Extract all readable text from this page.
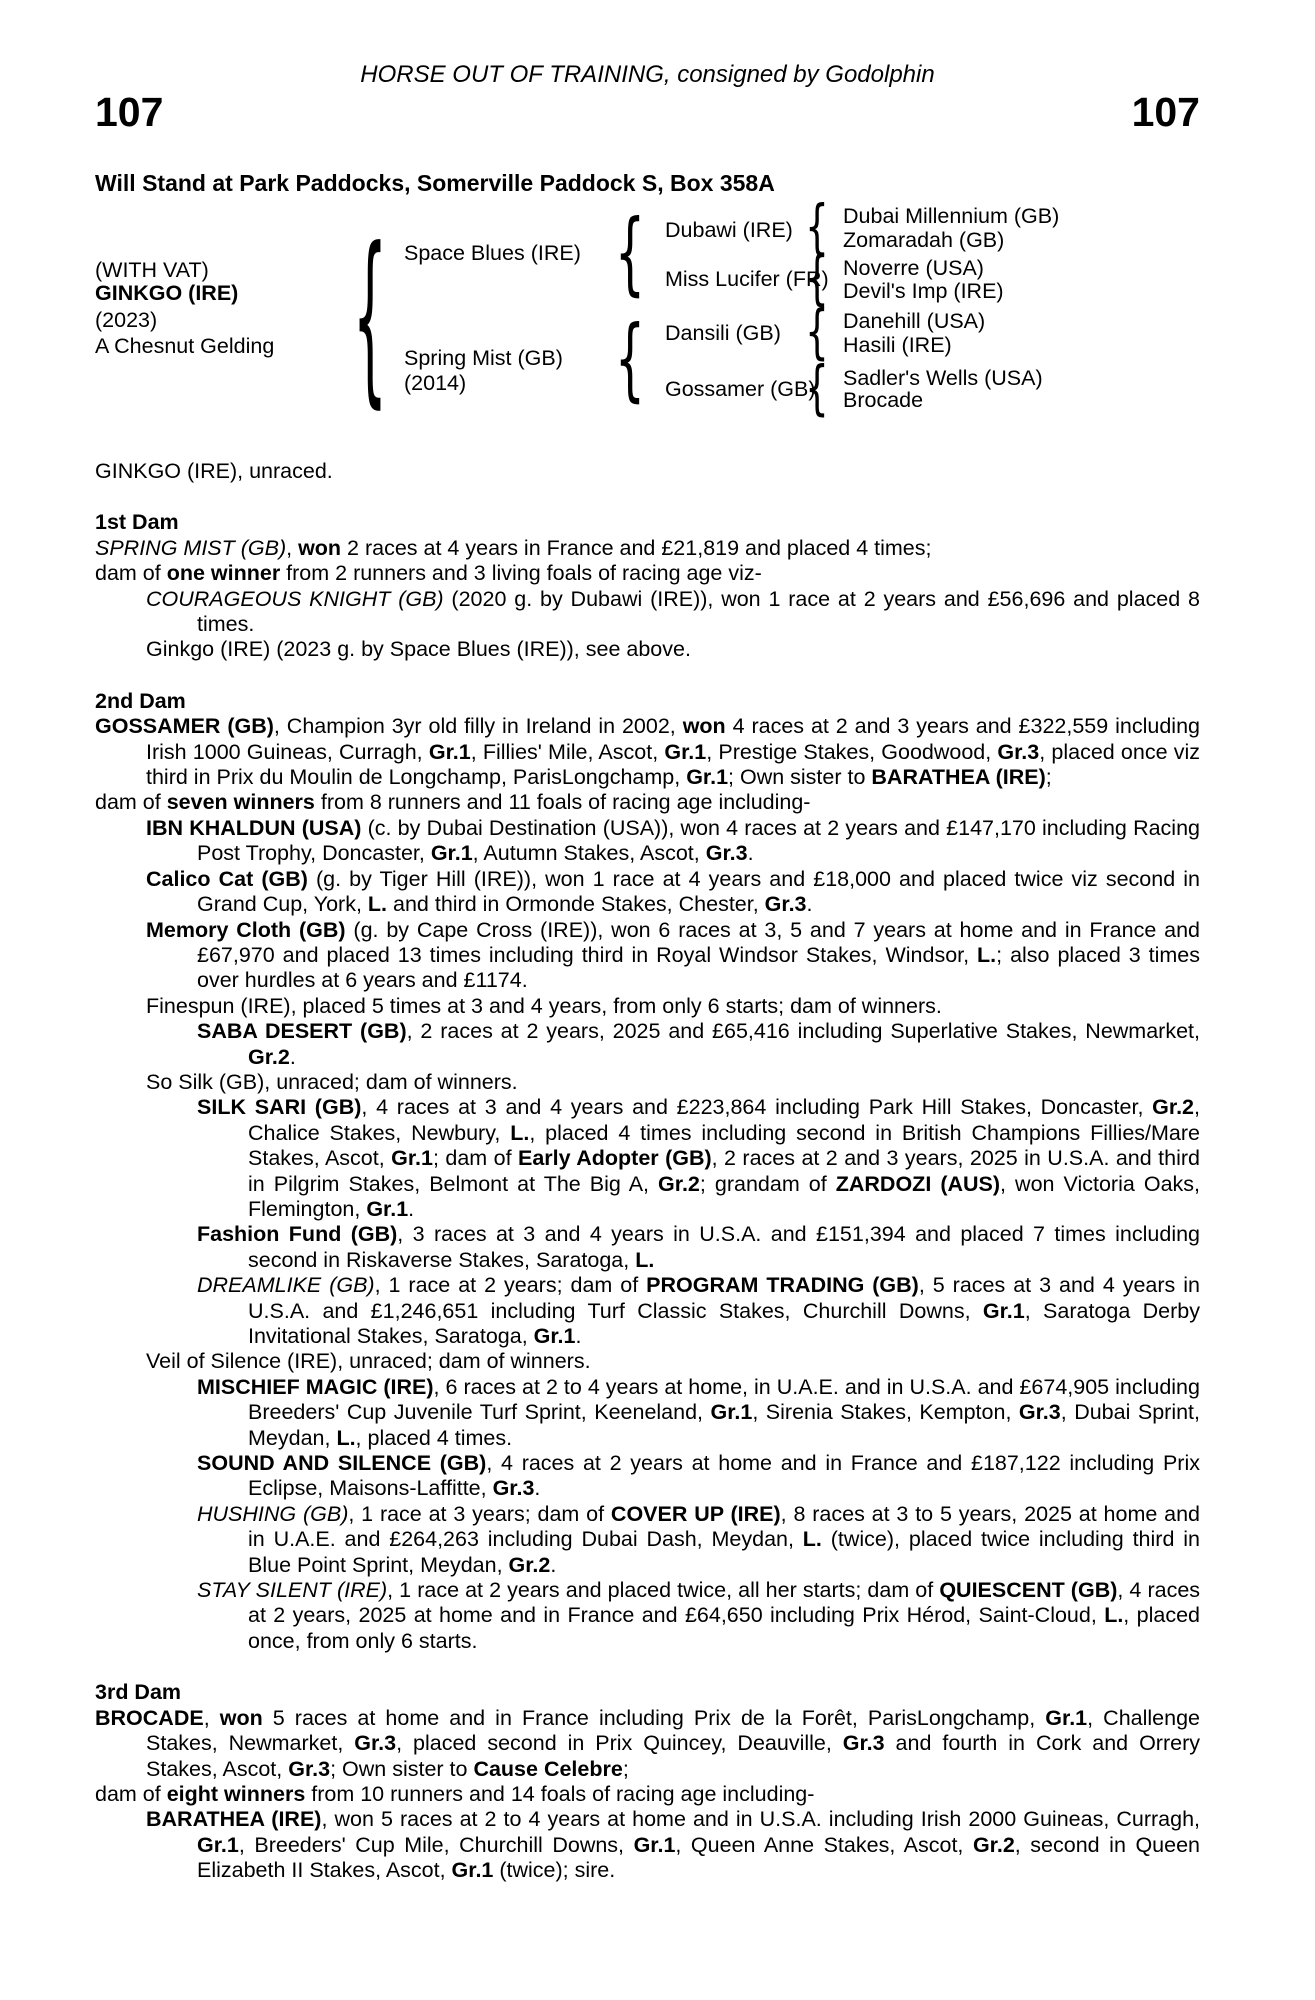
HORSE OUT OF TRAINING, consigned by Godolphin
107	107
Will Stand at Park Paddocks, Somerville Paddock S, Box 358A
(WITH VAT)
GINKGO (IRE)
(2023)
A Chesnut Gelding
{
Space Blues (IRE)
Spring Mist (GB)
(2014)
{
{
Dubawi (IRE)
Miss Lucifer (FR)
Dansili (GB)
Gossamer (GB)
{
{
{
{
Dubai Millennium (GB)
Zomaradah (GB)
Noverre (USA)
Devil's Imp (IRE)
Danehill (USA)
Hasili (IRE)
Sadler's Wells (USA)
Brocade

GINKGO (IRE), unraced.

1st Dam

SPRING MIST (GB), won 2 races at 4 years in France and £21,819 and placed 4 times;

dam of one winner from 2 runners and 3 living foals of racing age viz-

COURAGEOUS KNIGHT (GB) (2020 g. by Dubawi (IRE)), won 1 race at 2 years and £56,696 and placed 8 times.

Ginkgo (IRE) (2023 g. by Space Blues (IRE)), see above.

2nd Dam

GOSSAMER (GB), Champion 3yr old filly in Ireland in 2002, won 4 races at 2 and 3 years and £322,559 including Irish 1000 Guineas, Curragh, Gr.1, Fillies' Mile, Ascot, Gr.1, Prestige Stakes, Goodwood, Gr.3, placed once viz third in Prix du Moulin de Longchamp, ParisLongchamp, Gr.1; Own sister to BARATHEA (IRE);

dam of seven winners from 8 runners and 11 foals of racing age including-

IBN KHALDUN (USA) (c. by Dubai Destination (USA)), won 4 races at 2 years and £147,170 including Racing Post Trophy, Doncaster, Gr.1, Autumn Stakes, Ascot, Gr.3.

Calico Cat (GB) (g. by Tiger Hill (IRE)), won 1 race at 4 years and £18,000 and placed twice viz second in Grand Cup, York, L. and third in Ormonde Stakes, Chester, Gr.3.

Memory Cloth (GB) (g. by Cape Cross (IRE)), won 6 races at 3, 5 and 7 years at home and in France and £67,970 and placed 13 times including third in Royal Windsor Stakes, Windsor, L.; also placed 3 times over hurdles at 6 years and £1174.

Finespun (IRE), placed 5 times at 3 and 4 years, from only 6 starts; dam of winners.

SABA DESERT (GB), 2 races at 2 years, 2025 and £65,416 including Superlative Stakes, Newmarket, Gr.2.

So Silk (GB), unraced; dam of winners.

SILK SARI (GB), 4 races at 3 and 4 years and £223,864 including Park Hill Stakes, Doncaster, Gr.2, Chalice Stakes, Newbury, L., placed 4 times including second in British Champions Fillies/Mare Stakes, Ascot, Gr.1; dam of Early Adopter (GB), 2 races at 2 and 3 years, 2025 in U.S.A. and third in Pilgrim Stakes, Belmont at The Big A, Gr.2; grandam of ZARDOZI (AUS), won Victoria Oaks, Flemington, Gr.1.

Fashion Fund (GB), 3 races at 3 and 4 years in U.S.A. and £151,394 and placed 7 times including second in Riskaverse Stakes, Saratoga, L.

DREAMLIKE (GB), 1 race at 2 years; dam of PROGRAM TRADING (GB), 5 races at 3 and 4 years in U.S.A. and £1,246,651 including Turf Classic Stakes, Churchill Downs, Gr.1, Saratoga Derby Invitational Stakes, Saratoga, Gr.1.

Veil of Silence (IRE), unraced; dam of winners.

MISCHIEF MAGIC (IRE), 6 races at 2 to 4 years at home, in U.A.E. and in U.S.A. and £674,905 including Breeders' Cup Juvenile Turf Sprint, Keeneland, Gr.1, Sirenia Stakes, Kempton, Gr.3, Dubai Sprint, Meydan, L., placed 4 times.

SOUND AND SILENCE (GB), 4 races at 2 years at home and in France and £187,122 including Prix Eclipse, Maisons-Laffitte, Gr.3.

HUSHING (GB), 1 race at 3 years; dam of COVER UP (IRE), 8 races at 3 to 5 years, 2025 at home and in U.A.E. and £264,263 including Dubai Dash, Meydan, L. (twice), placed twice including third in Blue Point Sprint, Meydan, Gr.2.

STAY SILENT (IRE), 1 race at 2 years and placed twice, all her starts; dam of QUIESCENT (GB), 4 races at 2 years, 2025 at home and in France and £64,650 including Prix Hérod, Saint-Cloud, L., placed once, from only 6 starts.

3rd Dam

BROCADE, won 5 races at home and in France including Prix de la Forêt, ParisLongchamp, Gr.1, Challenge Stakes, Newmarket, Gr.3, placed second in Prix Quincey, Deauville, Gr.3 and fourth in Cork and Orrery Stakes, Ascot, Gr.3; Own sister to Cause Celebre;

dam of eight winners from 10 runners and 14 foals of racing age including-

BARATHEA (IRE), won 5 races at 2 to 4 years at home and in U.S.A. including Irish 2000 Guineas, Curragh, Gr.1, Breeders' Cup Mile, Churchill Downs, Gr.1, Queen Anne Stakes, Ascot, Gr.2, second in Queen Elizabeth II Stakes, Ascot, Gr.1 (twice); sire.
